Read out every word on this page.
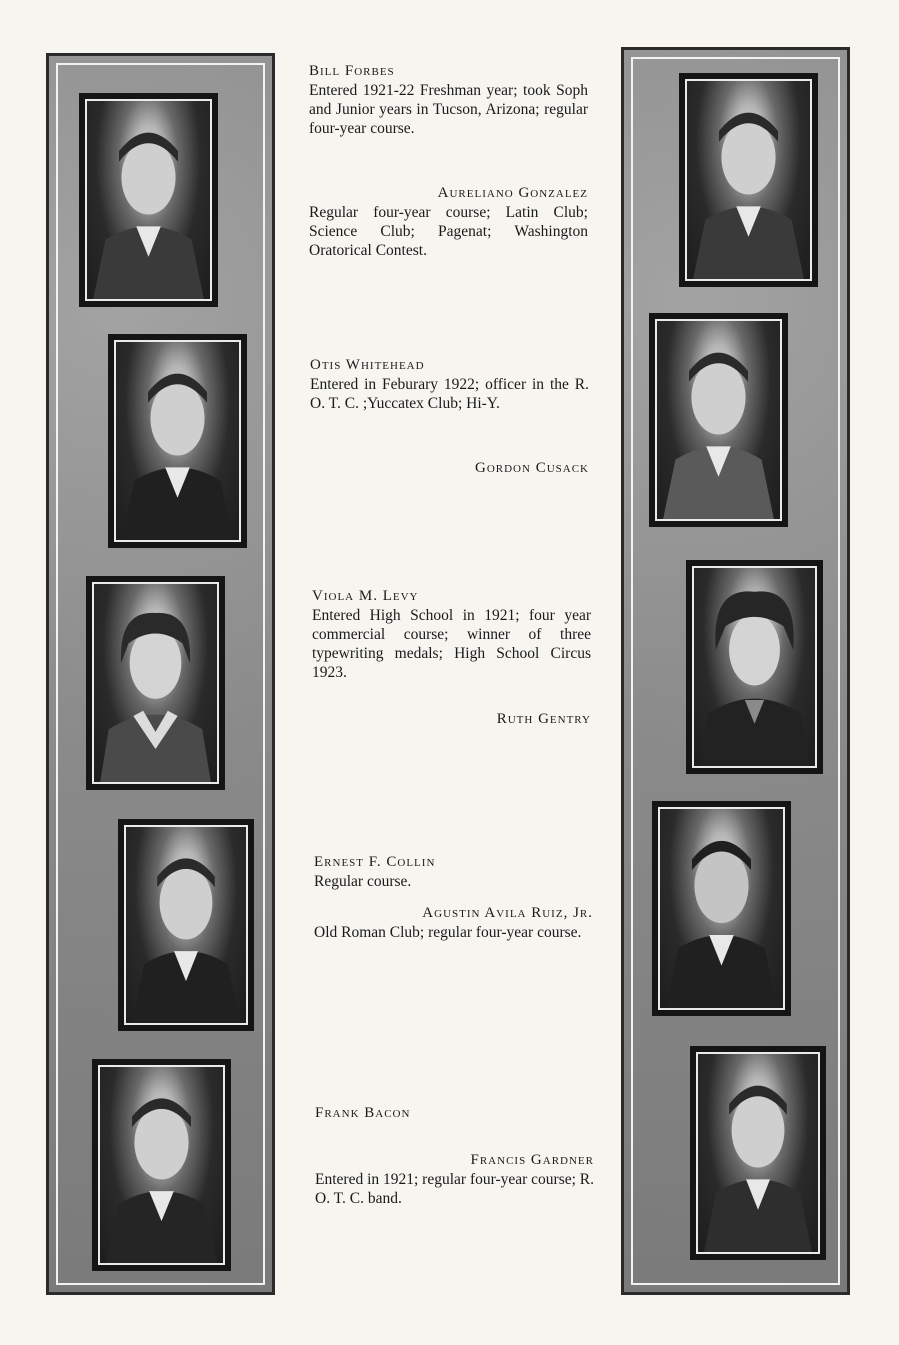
Bill Forbes
Entered 1921-22 Freshman year; took Soph and Junior years in Tucson, Arizona; regular four-year course.
Aureliano Gonzalez
Regular four-year course; Latin Club; Science Club; Pagenat; Washington Oratorical Contest.
Otis Whitehead
Entered in Feburary 1922; officer in the R. O. T. C. ;Yuccatex Club; Hi-Y.
Gordon Cusack
Viola M. Levy
Entered High School in 1921; four year commercial course; winner of three typewriting medals; High School Circus 1923.
Ruth Gentry
Ernest F. Collin
Regular course.
Agustin Avila Ruiz, Jr.
Old Roman Club; regular four-year course.
Frank Bacon
Francis Gardner
Entered in 1921; regular four-year course; R. O. T. C. band.
